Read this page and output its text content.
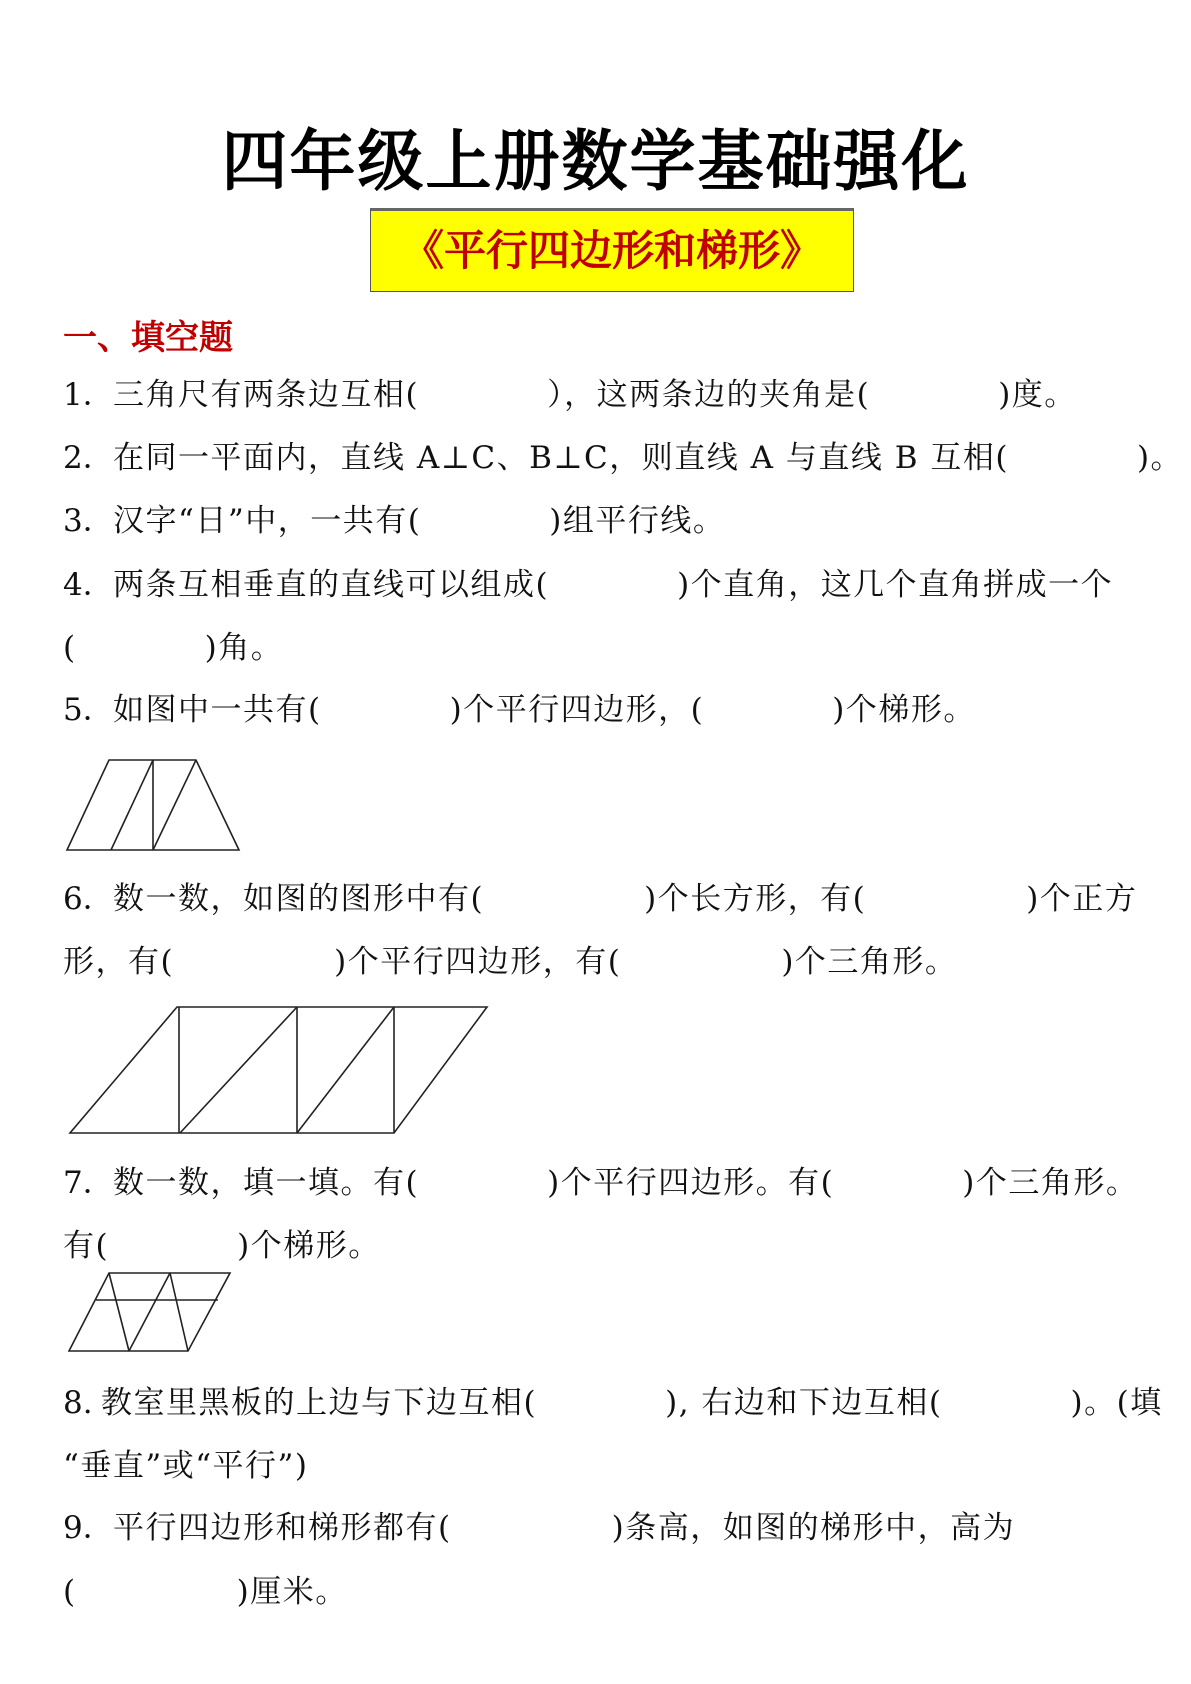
四年级上册数学基础强化
《平行四边形和梯形》
一、填空题
1．三角尺有两条边互相(	），这两条边的夹角是(	)度。
2．在同一平面内，直线 A⊥C、B⊥C，则直线 A 与直线 B 互相(	)。
3．汉字“日”中，一共有(	)组平行线。
4．两条互相垂直的直线可以组成(	)个直角，这几个直角拼成一个
(	)角。
5．如图中一共有(	)个平行四边形，(	)个梯形。
6．数一数，如图的图形中有(	)个长方形，有(	)个正方
形，有(	)个平行四边形，有(	)个三角形。
7．数一数，填一填。有(	)个平行四边形。有(	)个三角形。
有(	)个梯形。
8. 教室里黑板的上边与下边互相(	), 右边和下边互相(	)。(填
“垂直”或“平行”)
9．平行四边形和梯形都有(	)条高，如图的梯形中，高为
(	)厘米。
